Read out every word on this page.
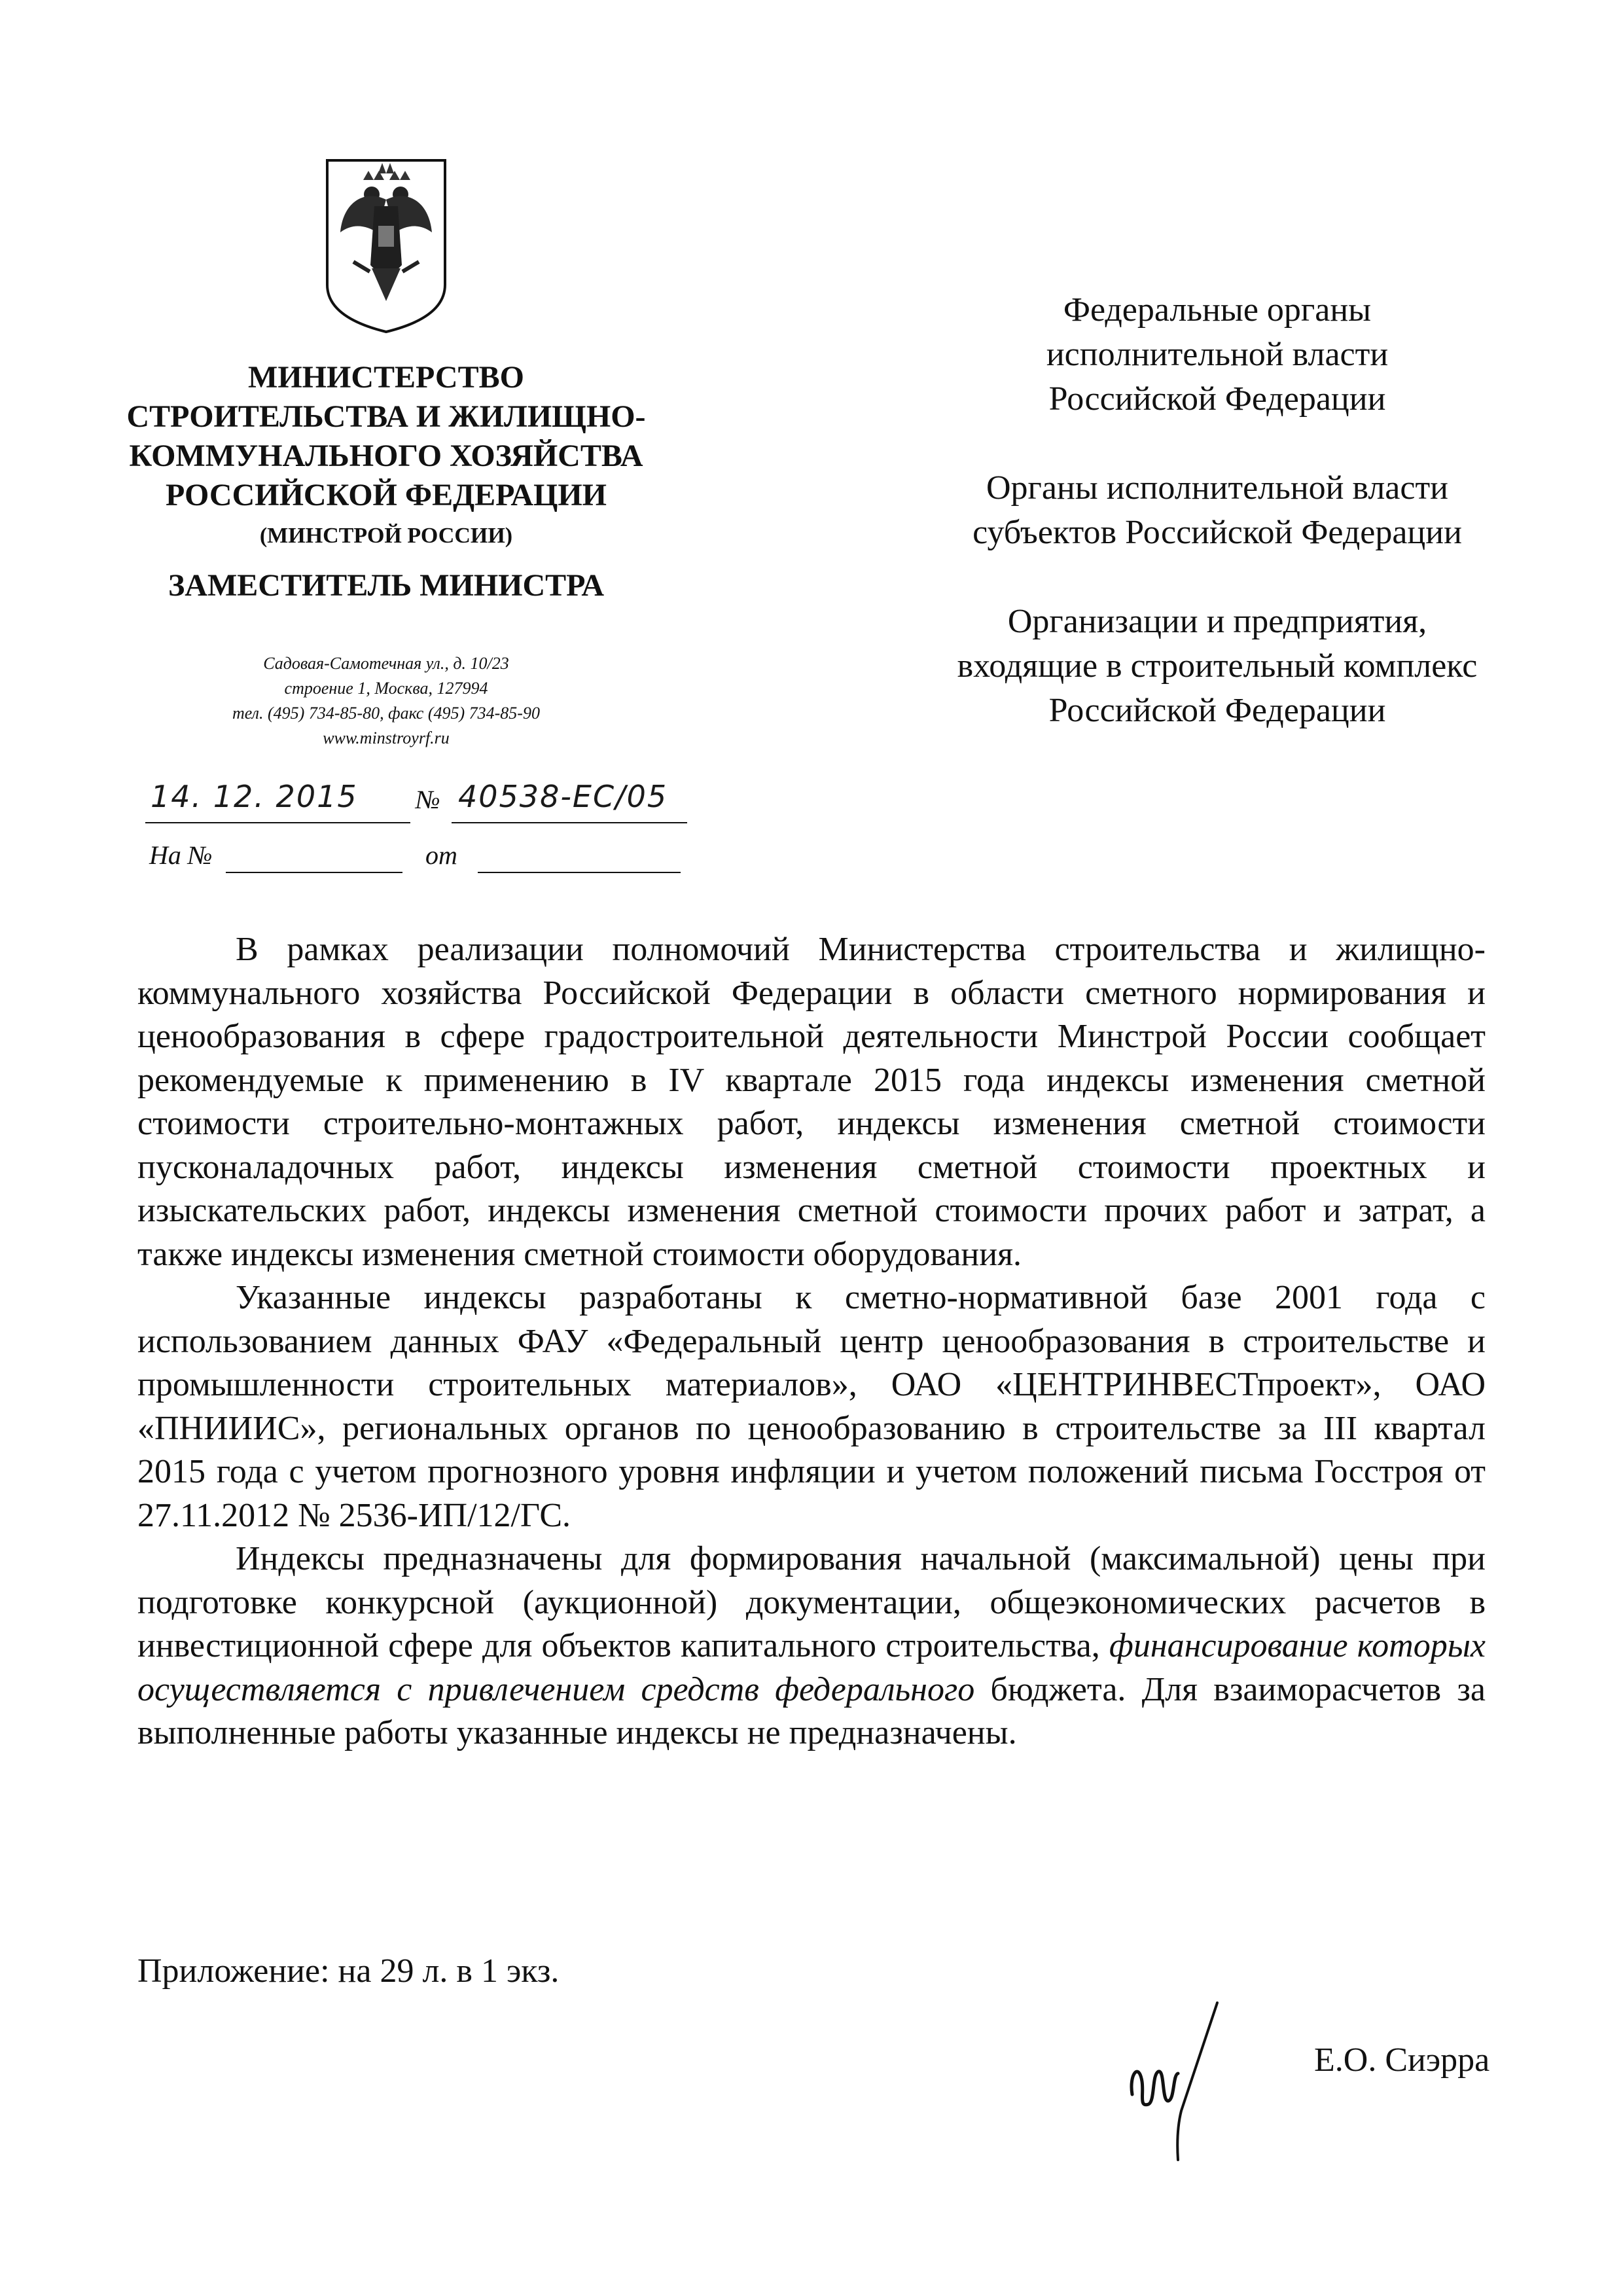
МИНИСТЕРСТВО
СТРОИТЕЛЬСТВА И ЖИЛИЩНО-
КОММУНАЛЬНОГО ХОЗЯЙСТВА
РОССИЙСКОЙ ФЕДЕРАЦИИ
(МИНСТРОЙ РОССИИ)
ЗАМЕСТИТЕЛЬ МИНИСТРА
Садовая-Самотечная ул., д. 10/23
строение 1, Москва, 127994
тел. (495) 734-85-80, факс (495) 734-85-90
www.minstroyrf.ru
14. 12. 2015 № 40538-ЕС/05
На №	от
Федеральные органы
исполнительной власти
Российской Федерации
Органы исполнительной власти
субъектов Российской Федерации
Организации и предприятия,
входящие в строительный комплекс
Российской Федерации

В рамках реализации полномочий Министерства строительства и жилищно-коммунального хозяйства Российской Федерации в области сметного нормирования и ценообразования в сфере градостроительной деятельности Минстрой России сообщает рекомендуемые к применению в IV квартале 2015 года индексы изменения сметной стоимости строительно-монтажных работ, индексы изменения сметной стоимости пусконаладочных работ, индексы изменения сметной стоимости проектных и изыскательских работ, индексы изменения сметной стоимости прочих работ и затрат, а также индексы изменения сметной стоимости оборудования.

Указанные индексы разработаны к сметно-нормативной базе 2001 года с использованием данных ФАУ «Федеральный центр ценообразования в строительстве и промышленности строительных материалов», ОАО «ЦЕНТРИНВЕСТпроект», ОАО «ПНИИИС», региональных органов по ценообразованию в строительстве за III квартал 2015 года с учетом прогнозного уровня инфляции и учетом положений письма Госстроя от 27.11.2012 № 2536-ИП/12/ГС.

Индексы предназначены для формирования начальной (максимальной) цены при подготовке конкурсной (аукционной) документации, общеэкономических расчетов в инвестиционной сфере для объектов капитального строительства, финансирование которых осуществляется с привлечением средств федерального бюджета. Для взаиморасчетов за выполненные работы указанные индексы не предназначены.

Приложение: на 29 л. в 1 экз.
Е.О. Сиэрра
